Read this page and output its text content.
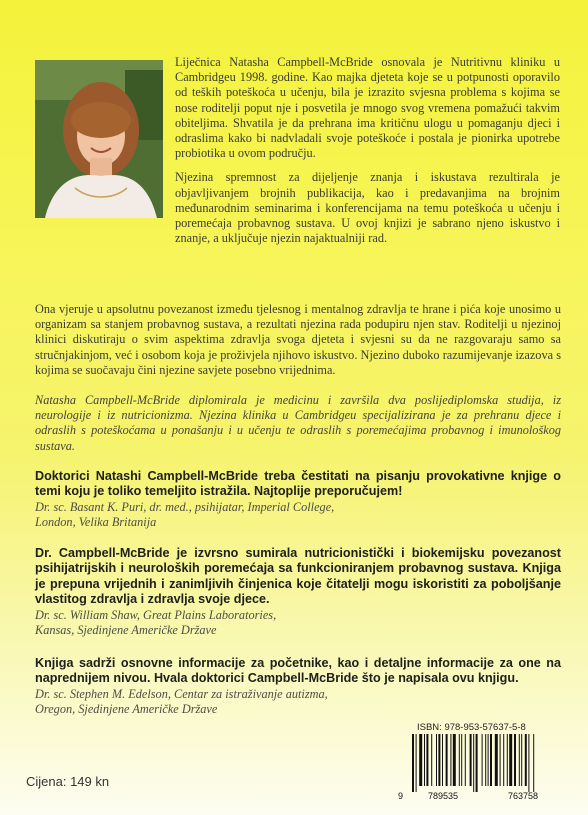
Liječnica Natasha Campbell-McBride osnovala je Nutritivnu kliniku u Cambridgeu 1998. godine. Kao majka djeteta koje se u potpunosti oporavilo od teških poteškoća u učenju, bila je izrazito svjesna problema s kojima se nose roditelji poput nje i posvetila je mnogo svog vremena pomažući takvim obiteljima. Shvatila je da prehrana ima kritičnu ulogu u pomaganju djeci i odraslima kako bi nadvladali svoje poteškoće i postala je pionirka upotrebe probiotika u ovom području.

Njezina spremnost za dijeljenje znanja i iskustava rezultirala je objavljivanjem brojnih publikacija, kao i predavanjima na brojnim međunarodnim seminarima i konferencijama na temu poteškoća u učenju i poremećaja probavnog sustava. U ovoj knjizi je sabrano njeno iskustvo i znanje, a uključuje njezin najaktualniji rad.

Ona vjeruje u apsolutnu povezanost između tjelesnog i mentalnog zdravlja te hrane i pića koje unosimo u organizam sa stanjem probavnog sustava, a rezultati njezina rada podupiru njen stav. Roditelji u njezinoj klinici diskutiraju o svim aspektima zdravlja svoga djeteta i svjesni su da ne razgovaraju samo sa stručnjakinjom, već i osobom koja je proživjela njihovo iskustvo. Njezino duboko razumijevanje izazova s kojima se suočavaju čini njezine savjete posebno vrijednima.
Natasha Campbell-McBride diplomirala je medicinu i završila dva poslijediplomska studija, iz neurologije i iz nutricionizma. Njezina klinika u Cambridgeu specijalizirana je za prehranu djece i odraslih s poteškoćama u ponašanju i u učenju te odraslih s poremećajima probavnog i imunološkog sustava.
Doktorici Natashi Campbell-McBride treba čestitati na pisanju provokativne knjige o temi koju je toliko temeljito istražila. Najtoplije preporučujem!
Dr. sc. Basant K. Puri, dr. med., psihijatar, Imperial College,
London, Velika Britanija
Dr. Campbell-McBride je izvrsno sumirala nutricionistički i biokemijsku povezanost psihijatrijskih i neuroloških poremećaja sa funkcioniranjem probavnog sustava. Knjiga je prepuna vrijednih i zanimljivih činjenica koje čitatelji mogu iskoristiti za poboljšanje vlastitog zdravlja i zdravlja svoje djece.
Dr. sc. William Shaw, Great Plains Laboratories,
Kansas, Sjedinjene Američke Države
Knjiga sadrži osnovne informacije za početnike, kao i detaljne informacije za one na naprednijem nivou. Hvala doktorici Campbell-McBride što je napisala ovu knjigu.
Dr. sc. Stephen M. Edelson, Centar za istraživanje autizma,
Oregon, Sjedinjene Američke Države
ISBN: 978-953-57637-5-8
9	789535	763758
Cijena: 149 kn
